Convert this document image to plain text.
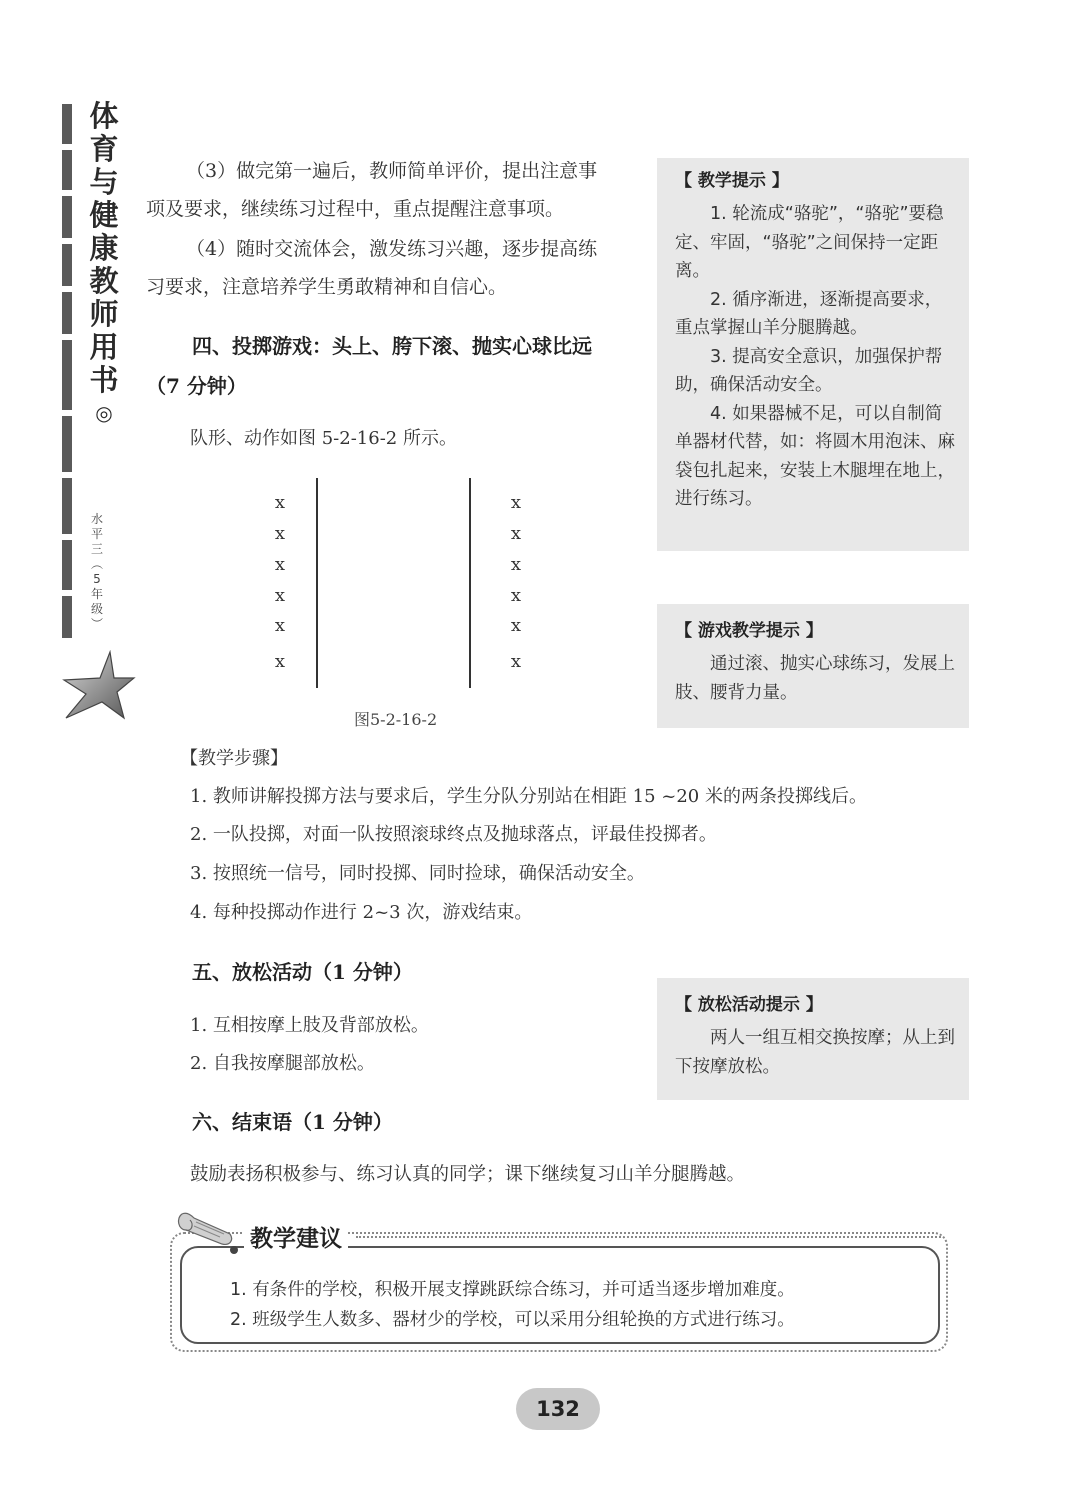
体
育
与
健
康
教
师
用
书
◎
水
平
三
︵
5
年
级
︶
（3）做完第一遍后，教师简单评价，提出注意事
项及要求，继续练习过程中，重点提醒注意事项。
（4）随时交流体会，激发练习兴趣，逐步提高练
习要求，注意培养学生勇敢精神和自信心。
四、投掷游戏：头上、胯下滚、抛实心球比远
（7 分钟）
队形、动作如图 5-2-16-2 所示。
x
x
x
x
x
x
x
x
x
x
x
x
图5-2-16-2
【教学步骤】
1. 教师讲解投掷方法与要求后，学生分队分别站在相距 15 ~20 米的两条投掷线后。
2. 一队投掷，对面一队按照滚球终点及抛球落点，评最佳投掷者。
3. 按照统一信号，同时投掷、同时捡球，确保活动安全。
4. 每种投掷动作进行 2~3 次，游戏结束。
五、放松活动（1 分钟）
1. 互相按摩上肢及背部放松。
2. 自我按摩腿部放松。
六、结束语（1 分钟）
鼓励表扬积极参与、练习认真的同学；课下继续复习山羊分腿腾越。
【 教学提示 】

1. 轮流成“骆驼”，“骆驼”要稳定、牢固，“骆驼”之间保持一定距离。

2. 循序渐进，逐渐提高要求，重点掌握山羊分腿腾越。

3. 提高安全意识，加强保护帮助，确保活动安全。

4. 如果器械不足，可以自制简单器材代替，如：将圆木用泡沫、麻袋包扎起来，安装上木腿埋在地上，进行练习。

【 游戏教学提示 】

通过滚、抛实心球练习，发展上肢、腰背力量。

【 放松活动提示 】

两人一组互相交换按摩；从上到下按摩放松。

教学建议
1. 有条件的学校，积极开展支撑跳跃综合练习，并可适当逐步增加难度。
2. 班级学生人数多、器材少的学校，可以采用分组轮换的方式进行练习。
132
